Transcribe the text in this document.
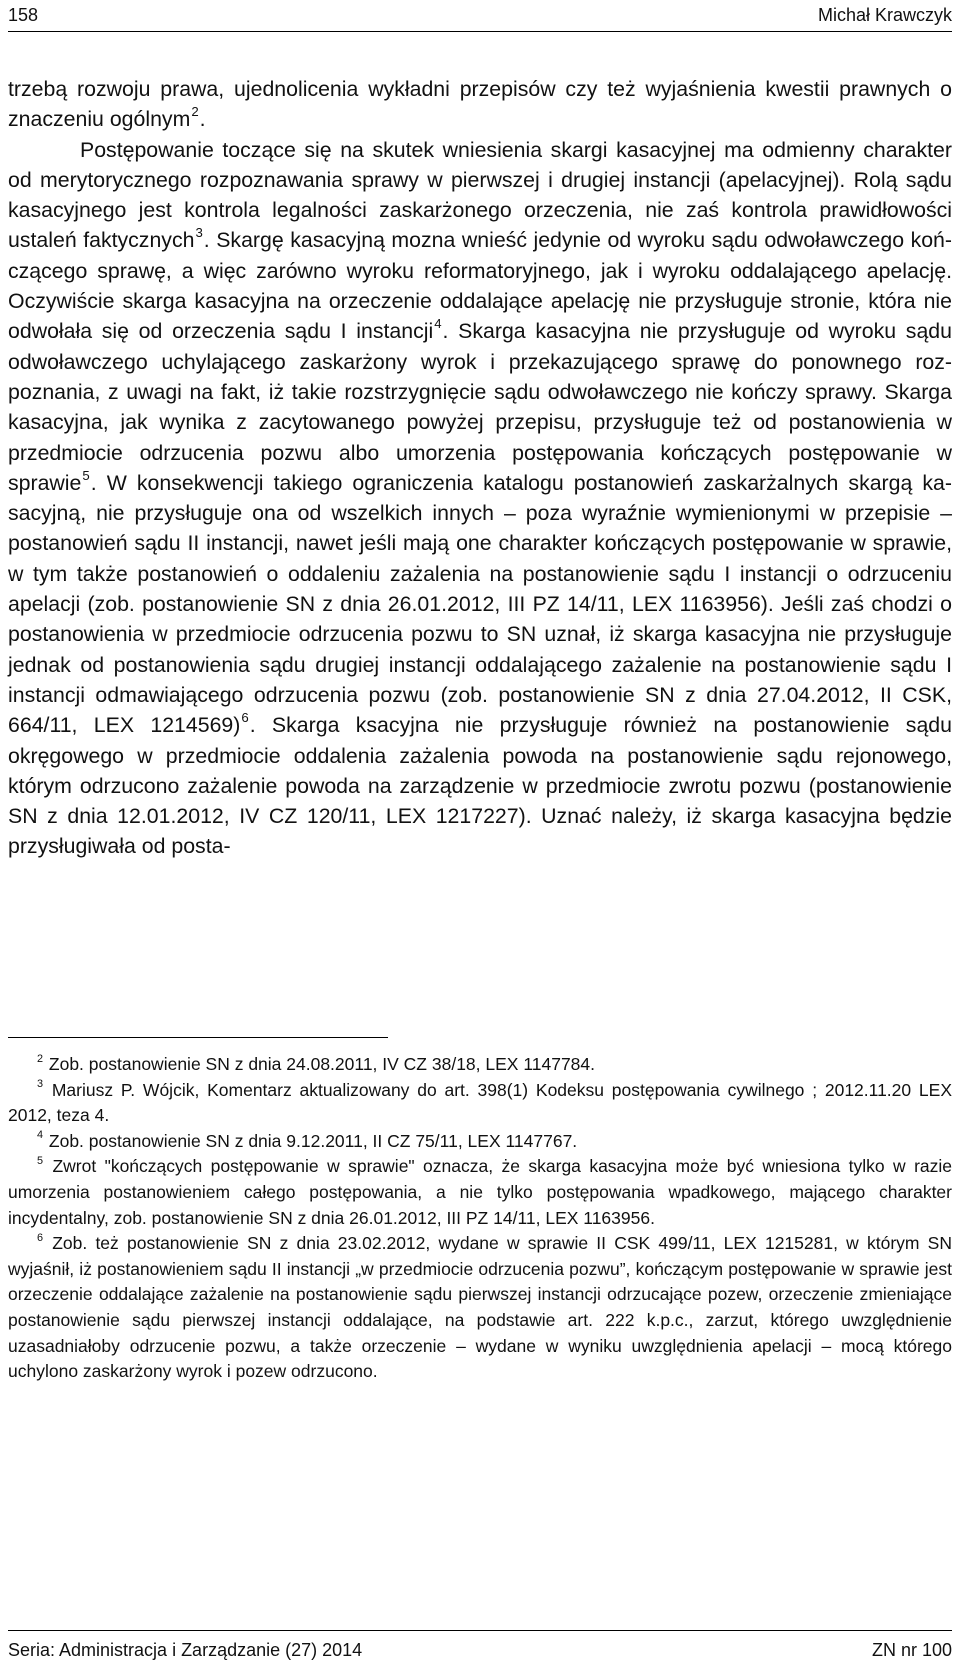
158	Michał Krawczyk

trzebą rozwoju prawa, ujednolicenia wykładni przepisów czy też wyjaśnienia kwestii prawnych o znaczeniu ogólnym$^2$.

Postępowanie toczące się na skutek wniesienia skargi kasacyjnej ma odmienny charakter od merytorycznego rozpoznawania sprawy w pierwszej i drugiej instancji (apelacyjnej). Rolą sądu kasacyjnego jest kontrola legalności zaskarżonego orzeczenia, nie zaś kontrola prawidłowości ustaleń faktycznych$^3$. Skargę kasacyjną mozna wnieść jedynie od wyroku sądu odwoławczego kończącego sprawę, a więc zarówno wyroku reformatoryjnego, jak i wyroku oddalającego apelację. Oczywiście skarga kasacyjna na orzeczenie oddalające apelację nie przysługuje stronie, która nie odwołała się od orzeczenia sądu I instancji$^4$. Skarga kasacyjna nie przysługuje od wyroku sądu odwoławczego uchylającego zaskarżony wyrok i przekazującego sprawę do ponownego rozpoznania, z uwagi na fakt, iż takie rozstrzygnięcie sądu odwoławczego nie kończy sprawy. Skarga kasacyjna, jak wynika z zacytowanego powyżej przepisu, przysługuje też od postanowienia w przedmiocie odrzucenia pozwu albo umorzenia postępowania kończących postępowanie w sprawie$^5$. W konsekwencji takiego ograniczenia katalogu postanowień zaskarżalnych skargą kasacyjną, nie przysługuje ona od wszelkich innych – poza wyraźnie wymienionymi w przepisie – postanowień sądu II instancji, nawet jeśli mają one charakter kończących postępowanie w sprawie, w tym także postanowień o oddaleniu zażalenia na postanowienie sądu I instancji o odrzuceniu apelacji (zob. postanowienie SN z dnia 26.01.2012, III PZ 14/11, LEX 1163956). Jeśli zaś chodzi o postanowienia w przedmiocie odrzucenia pozwu to SN uznał, iż skarga kasacyjna nie przysługuje jednak od postanowienia sądu drugiej instancji oddalającego zażalenie na postanowienie sądu I instancji odmawiającego odrzucenia pozwu (zob. postanowienie SN z dnia 27.04.2012, II CSK, 664/11, LEX 1214569)$^6$. Skarga ksacyjna nie przysługuje również na postanowienie sądu okręgowego w przedmiocie oddalenia zażalenia powoda na postanowienie sądu rejonowego, którym odrzucono zażalenie powoda na zarządzenie w przedmiocie zwrotu pozwu (postanowienie SN z dnia 12.01.2012, IV CZ 120/11, LEX 1217227). Uznać należy, iż skarga kasacyjna będzie przysługiwała od posta-

$^2$ Zob. postanowienie SN z dnia 24.08.2011, IV CZ 38/18, LEX 1147784.

$^3$ Mariusz P. Wójcik, Komentarz aktualizowany do art. 398(1) Kodeksu postępowania cywilnego ; 2012.11.20 LEX 2012, teza 4.

$^4$ Zob. postanowienie SN z dnia 9.12.2011, II CZ 75/11, LEX 1147767.

$^5$ Zwrot "kończących postępowanie w sprawie" oznacza, że skarga kasacyjna może być wniesiona tylko w razie umorzenia postanowieniem całego postępowania, a nie tylko postępowania wpadkowego, mającego charakter incydentalny, zob. postanowienie SN z dnia 26.01.2012, III PZ 14/11, LEX 1163956.

$^6$ Zob. też postanowienie SN z dnia 23.02.2012, wydane w sprawie II CSK 499/11, LEX 1215281, w którym SN wyjaśnił, iż postanowieniem sądu II instancji „w przedmiocie odrzucenia pozwu”, kończącym postępowanie w sprawie jest orzeczenie oddalające zażalenie na postanowienie sądu pierwszej instancji odrzucające pozew, orzeczenie zmieniające postanowienie sądu pierwszej instancji oddalające, na podstawie art. 222 k.p.c., zarzut, którego uwzględnienie uzasadniałoby odrzucenie pozwu, a także orzeczenie – wydane w wyniku uwzględnienia apelacji – mocą którego uchylono zaskarżony wyrok i pozew odrzucono.

Seria: Administracja i Zarządzanie (27) 2014	ZN nr 100
